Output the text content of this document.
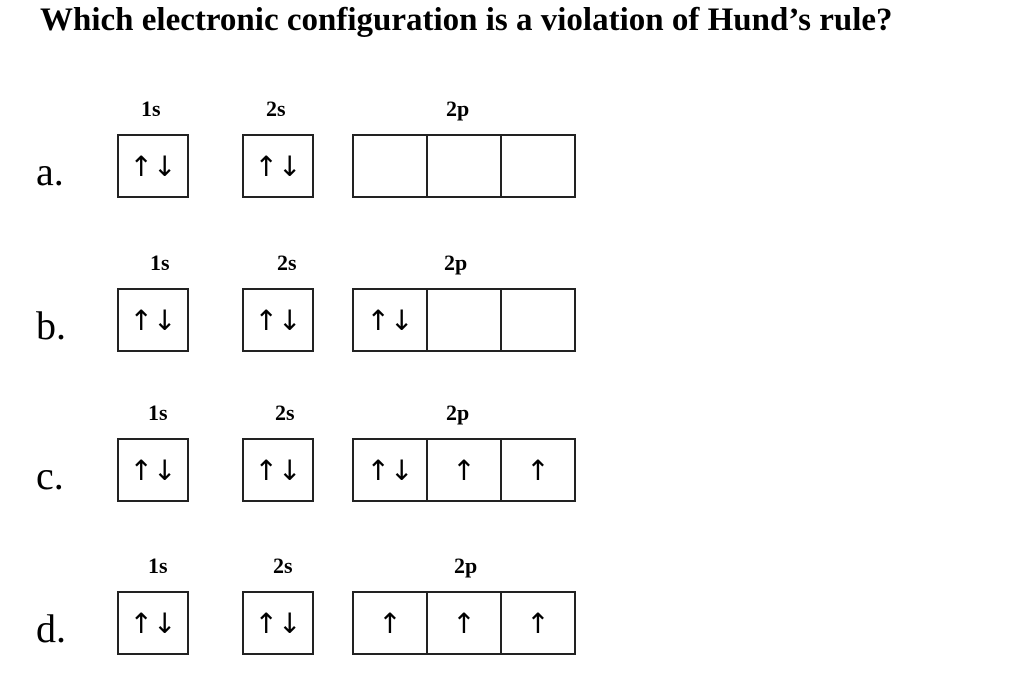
Which electronic configuration is a violation of Hund’s rule?
a.
1s	2s	2p
↑↓	↑↓
b.
1s	2s	2p
↑↓	↑↓	↑↓
c.
1s	2s	2p
↑↓	↑↓	↑↓	↑	↑
d.
1s	2s	2p
↑↓	↑↓	↑	↑	↑
